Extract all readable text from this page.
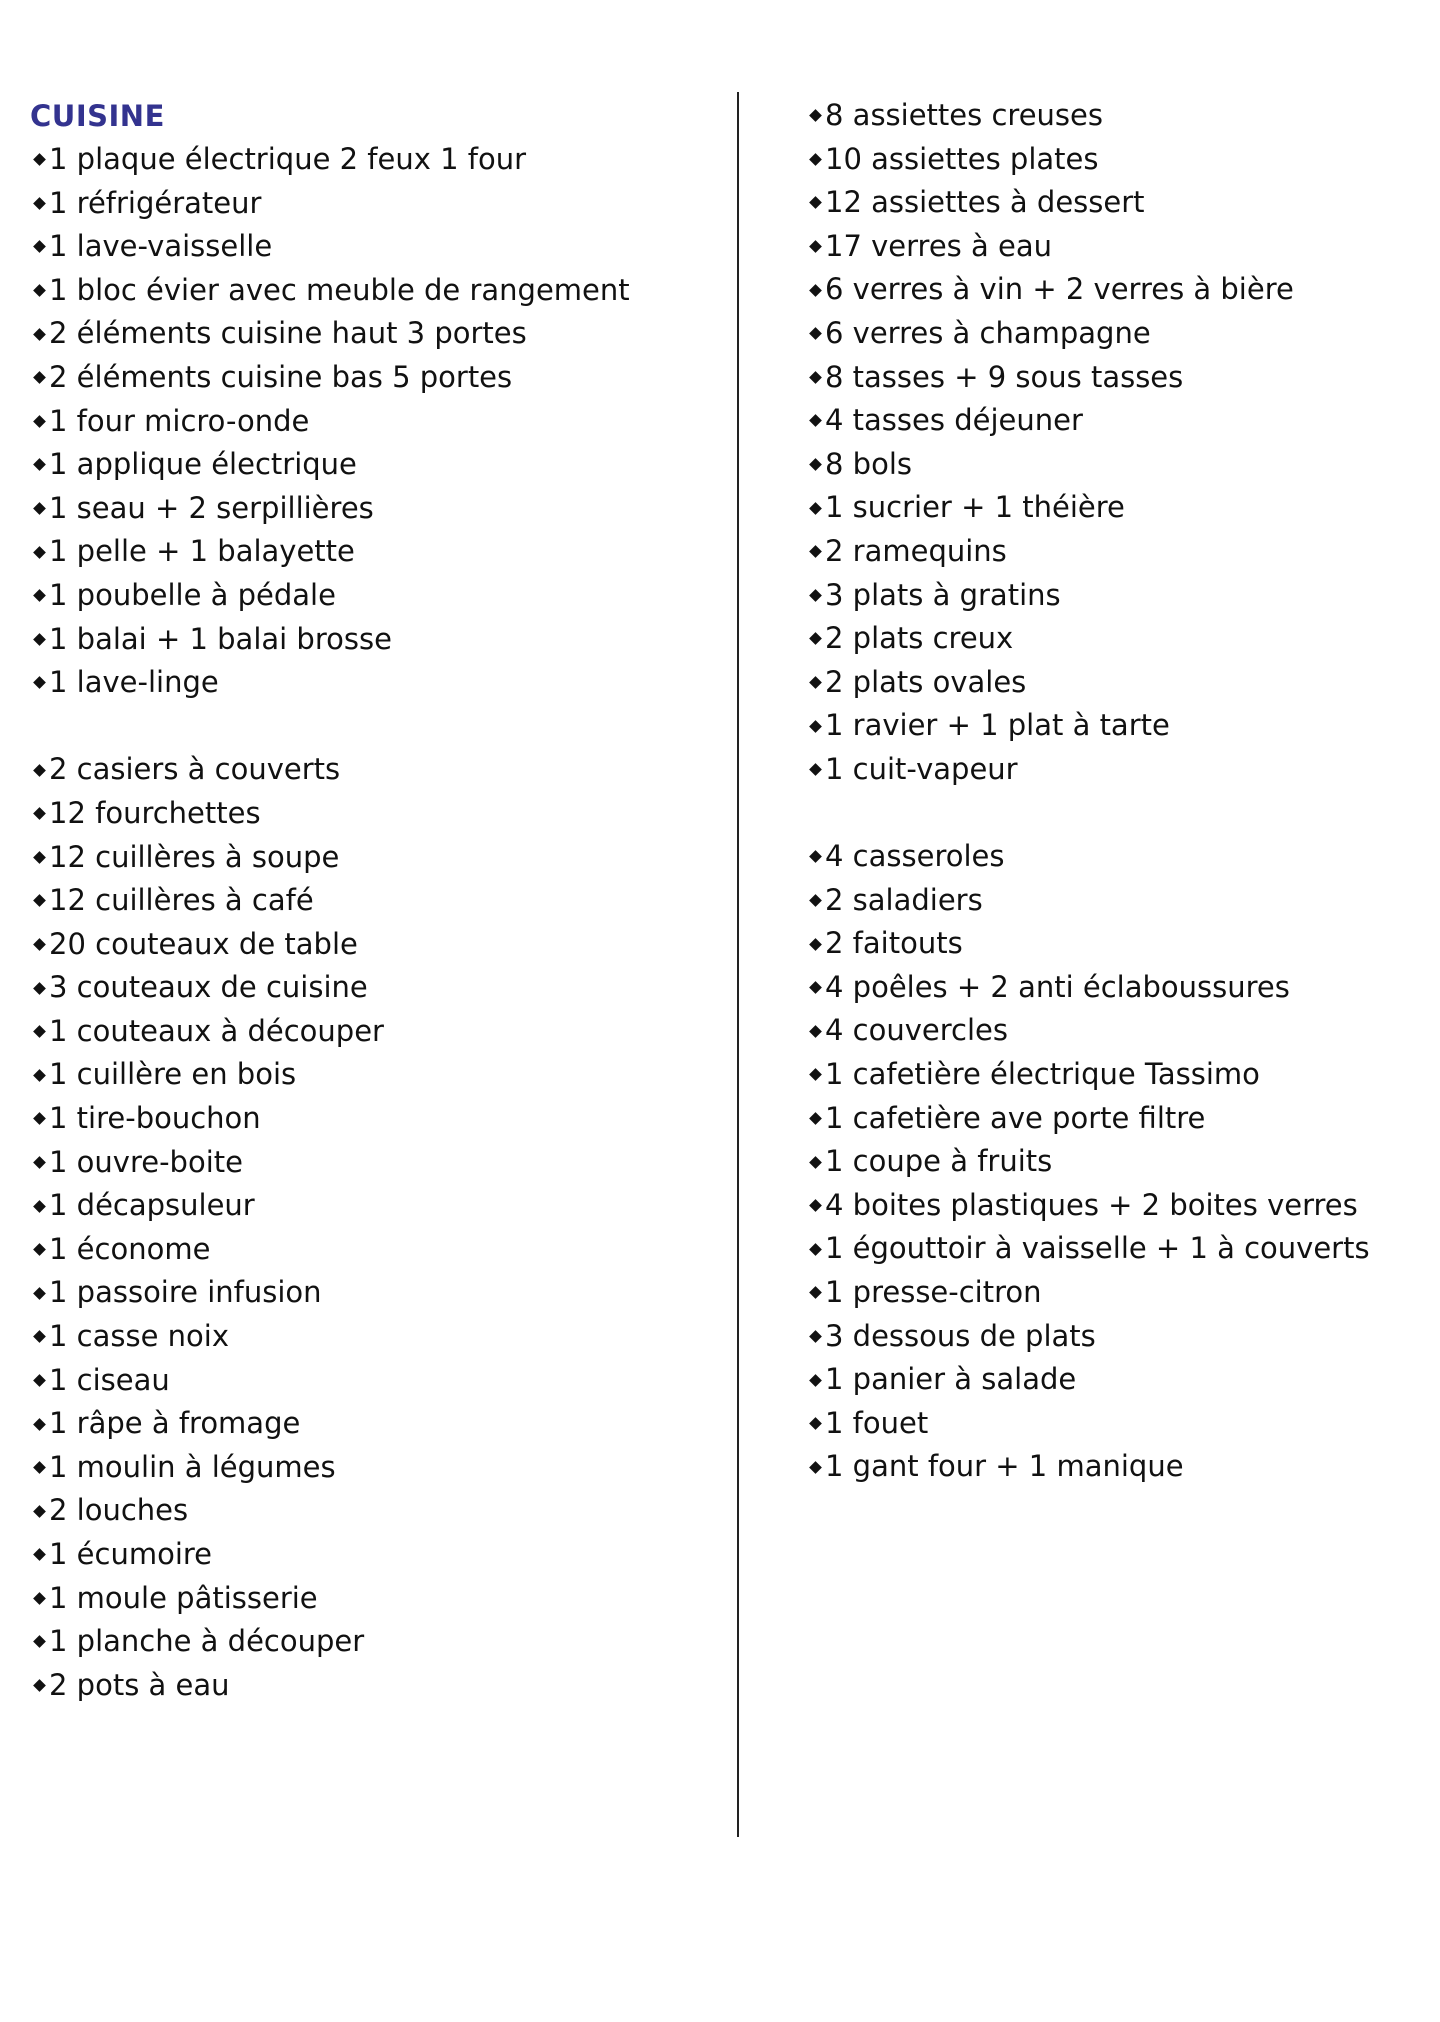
CUISINE
1 plaque électrique 2 feux 1 four
1 réfrigérateur
1 lave-vaisselle
1 bloc évier avec meuble de rangement
2 éléments cuisine haut 3 portes
2 éléments cuisine bas 5 portes
1 four micro-onde
1 applique électrique
1 seau + 2 serpillières
1 pelle + 1 balayette
1 poubelle à pédale
1 balai + 1 balai brosse
1 lave-linge
2 casiers à couverts
12 fourchettes
12 cuillères à soupe
12 cuillères à café
20 couteaux de table
3 couteaux de cuisine
1 couteaux à découper
1 cuillère en bois
1 tire-bouchon
1 ouvre-boite
1 décapsuleur
1 économe
1 passoire infusion
1 casse noix
1 ciseau
1 râpe à fromage
1 moulin à légumes
2 louches
1 écumoire
1 moule pâtisserie
1 planche à découper
2 pots à eau
8 assiettes creuses
10 assiettes plates
12 assiettes à dessert
17 verres à eau
6 verres à vin + 2 verres à bière
6 verres à champagne
8 tasses + 9 sous tasses
4 tasses déjeuner
8 bols
1 sucrier + 1 théière
2 ramequins
3 plats à gratins
2 plats creux
2 plats ovales
1 ravier + 1 plat à tarte
1 cuit-vapeur
4 casseroles
2 saladiers
2 faitouts
4 poêles + 2 anti éclaboussures
4 couvercles
1 cafetière électrique Tassimo
1 cafetière ave porte filtre
1 coupe à fruits
4 boites plastiques + 2 boites verres
1 égouttoir à vaisselle + 1 à couverts
1 presse-citron
3 dessous de plats
1 panier à salade
1 fouet
1 gant four + 1 manique
